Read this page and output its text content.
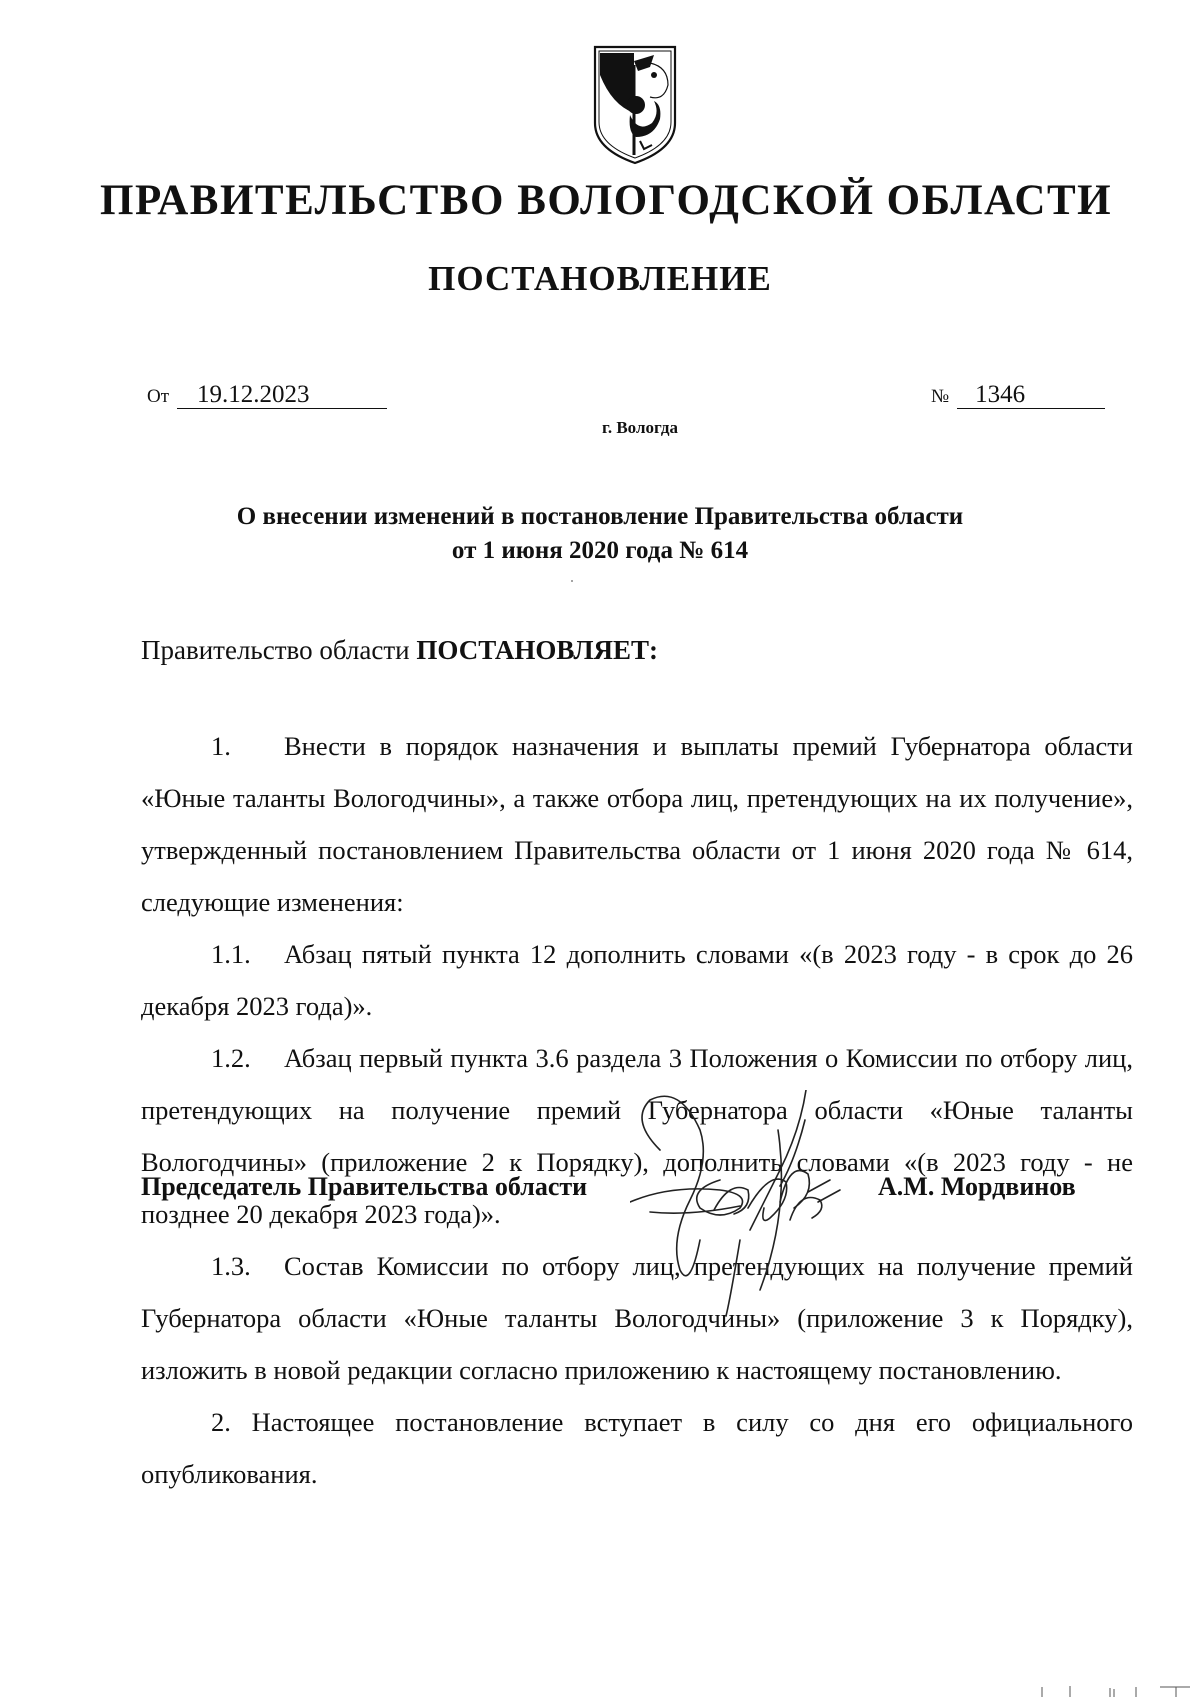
ПРАВИТЕЛЬСТВО ВОЛОГОДСКОЙ ОБЛАСТИ
ПОСТАНОВЛЕНИЕ
От 19.12.2023	№ 1346
г. Вологда
О внесении изменений в постановление Правительства области
от 1 июня 2020 года № 614
Правительство области ПОСТАНОВЛЯЕТ:

1. Внести в порядок назначения и выплаты премий Губернатора области «Юные таланты Вологодчины», а также отбора лиц, претендующих на их получение», утвержденный постановлением Правительства области от 1 июня 2020 года № 614, следующие изменения:

1.1. Абзац пятый пункта 12 дополнить словами «(в 2023 году - в срок до 26 декабря 2023 года)».

1.2. Абзац первый пункта 3.6 раздела 3 Положения о Комиссии по отбору лиц, претендующих на получение премий Губернатора области «Юные таланты Вологодчины» (приложение 2 к Порядку), дополнить словами «(в 2023 году - не позднее 20 декабря 2023 года)».

1.3. Состав Комиссии по отбору лиц, претендующих на получение премий Губернатора области «Юные таланты Вологодчины» (приложение 3 к Порядку), изложить в новой редакции согласно приложению к настоящему постановлению.

2. Настоящее постановление вступает в силу со дня его официального опубликования.

Председатель Правительства области	А.М. Мордвинов
